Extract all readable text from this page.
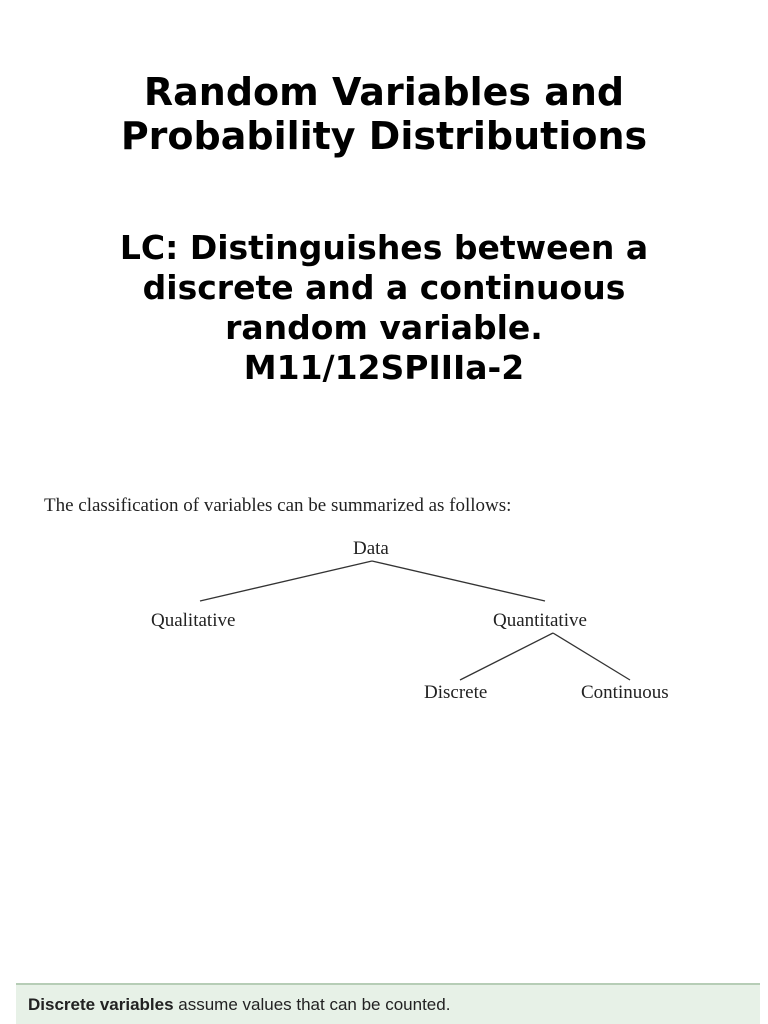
Random Variables and
Probability Distributions
LC: Distinguishes between a
discrete and a continuous
random variable.
M11/12SPIIIa-2
The classification of variables can be summarized as follows:
Data
Qualitative	Quantitative
Discrete	Continuous
Discrete variables assume values that can be counted.
